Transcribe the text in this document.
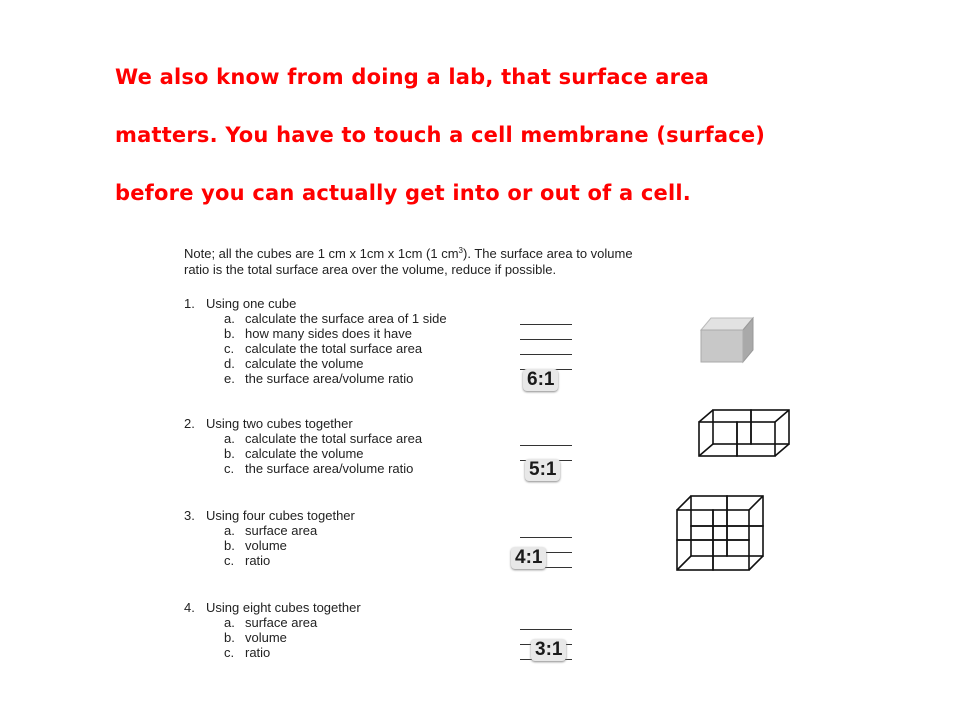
We also know from doing a lab, that surface area

matters. You have to touch a cell membrane (surface)

before you can actually get into or out of a cell.

Note; all the cubes are 1 cm x 1cm x 1cm (1 $cm^3$). The surface area to volume
ratio is the total surface area over the volume, reduce if possible.
1. Using one cube
a. calculate the surface area of 1 side
b. how many sides does it have
c. calculate the total surface area
d. calculate the volume
e. the surface area/volume ratio	6:1
2. Using two cubes together
a. calculate the total surface area
b. calculate the volume
c. the surface area/volume ratio	5:1
3. Using four cubes together
a. surface area
b. volume
c. ratio	4:1
4. Using eight cubes together
a. surface area
b. volume
c. ratio	3:1
